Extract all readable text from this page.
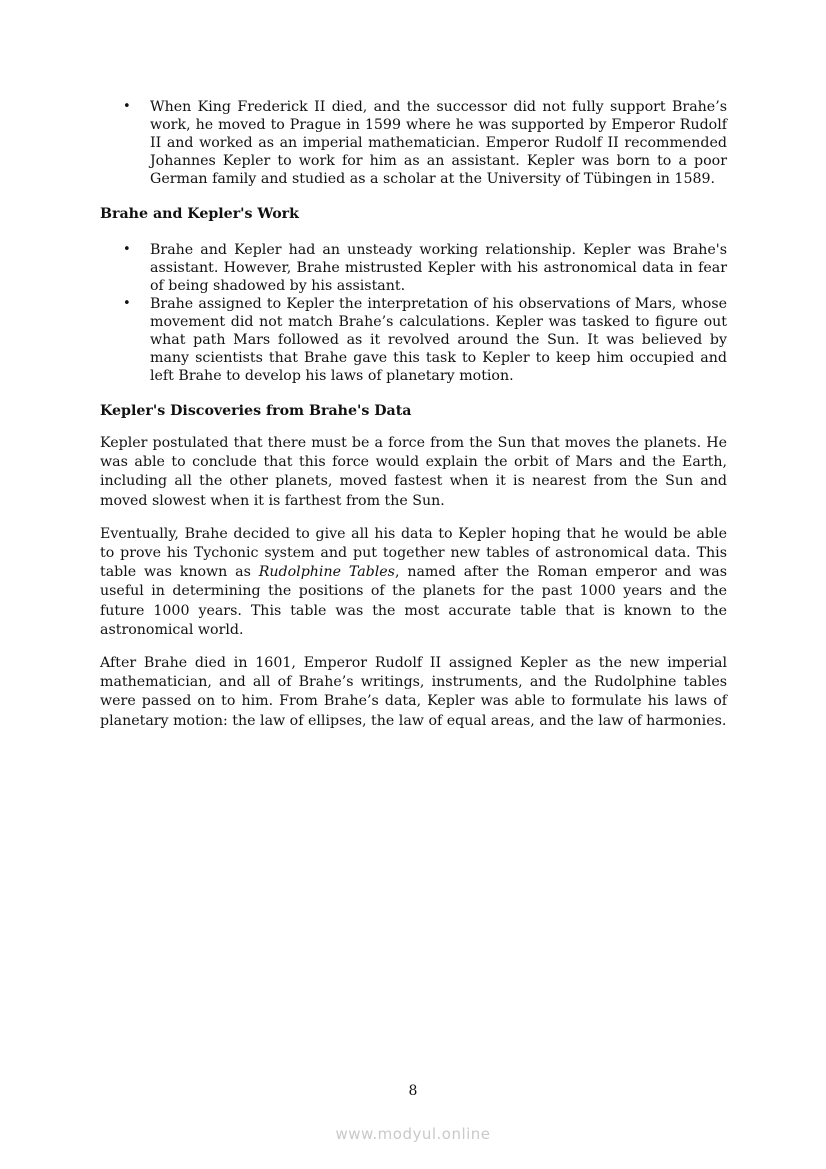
• When King Frederick II died, and the successor did not fully support Brahe’s work, he moved to Prague in 1599 where he was supported by Emperor Rudolf II and worked as an imperial mathematician. Emperor Rudolf II recommended Johannes Kepler to work for him as an assistant. Kepler was born to a poor German family and studied as a scholar at the University of Tübingen in 1589.
Brahe and Kepler's Work
• Brahe and Kepler had an unsteady working relationship. Kepler was Brahe's assistant. However, Brahe mistrusted Kepler with his astronomical data in fear of being shadowed by his assistant.
• Brahe assigned to Kepler the interpretation of his observations of Mars, whose movement did not match Brahe’s calculations. Kepler was tasked to figure out what path Mars followed as it revolved around the Sun. It was believed by many scientists that Brahe gave this task to Kepler to keep him occupied and left Brahe to develop his laws of planetary motion.
Kepler's Discoveries from Brahe's Data

Kepler postulated that there must be a force from the Sun that moves the planets. He was able to conclude that this force would explain the orbit of Mars and the Earth, including all the other planets, moved fastest when it is nearest from the Sun and moved slowest when it is farthest from the Sun.

Eventually, Brahe decided to give all his data to Kepler hoping that he would be able to prove his Tychonic system and put together new tables of astronomical data. This table was known as Rudolphine Tables, named after the Roman emperor and was useful in determining the positions of the planets for the past 1000 years and the future 1000 years. This table was the most accurate table that is known to the astronomical world.

After Brahe died in 1601, Emperor Rudolf II assigned Kepler as the new imperial mathematician, and all of Brahe’s writings, instruments, and the Rudolphine tables were passed on to him. From Brahe’s data, Kepler was able to formulate his laws of planetary motion: the law of ellipses, the law of equal areas, and the law of harmonies.

8
www.modyul.online
